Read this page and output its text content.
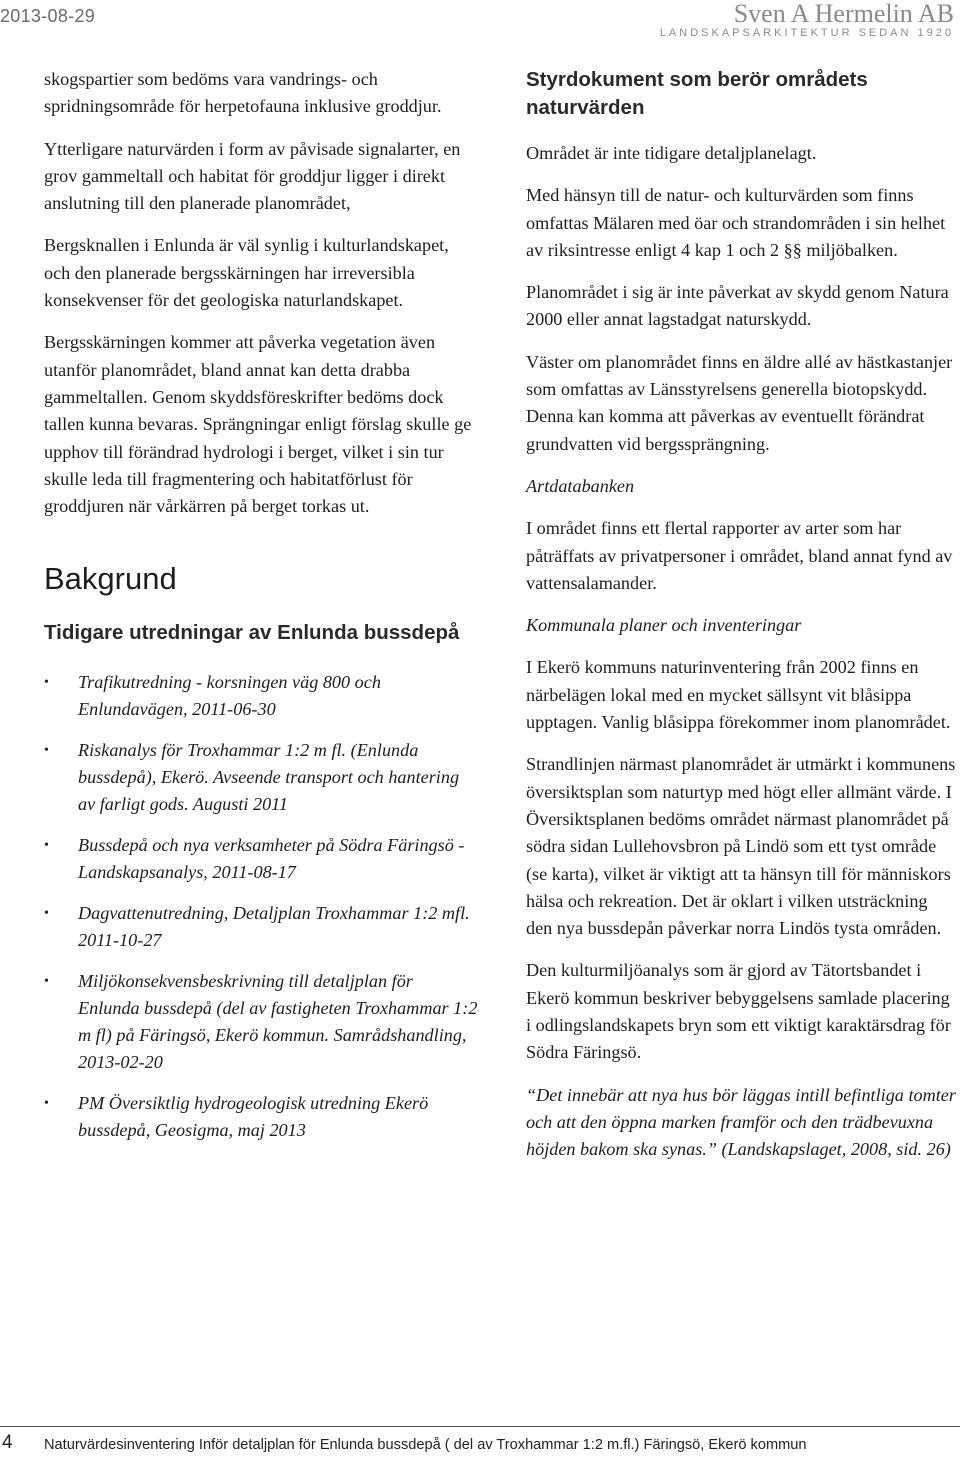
2013-08-29	Sven A Hermelin AB
LANDSKAPSARKITEKTUR SEDAN 1920

skogspartier som bedöms vara vandrings- och spridningsområde för herpetofauna inklusive groddjur.

Ytterligare naturvärden i form av påvisade signalarter, en grov gammeltall och habitat för groddjur ligger i direkt anslutning till den planerade planområdet,

Bergsknallen i Enlunda är väl synlig i kulturlandskapet, och den planerade bergsskärningen har irreversibla konsekvenser för det geologiska naturlandskapet.

Bergsskärningen kommer att påverka vegetation även utanför planområdet, bland annat kan detta drabba gammeltallen. Genom skyddsföreskrifter bedöms dock tallen kunna bevaras. Sprängningar enligt förslag skulle ge upphov till förändrad hydrologi i berget, vilket i sin tur skulle leda till fragmentering och habitatförlust för groddjuren när vårkärren på berget torkas ut.

Bakgrund
Tidigare utredningar av Enlunda bussdepå
• Trafikutredning - korsningen väg 800 och Enlundavägen, 2011-06-30
• Riskanalys för Troxhammar 1:2 m fl. (Enlunda bussdepå), Ekerö. Avseende transport och hantering av farligt gods. Augusti 2011
• Bussdepå och nya verksamheter på Södra Färingsö - Landskapsanalys, 2011-08-17
• Dagvattenutredning, Detaljplan Troxhammar 1:2 mfl. 2011-10-27
• Miljökonsekvensbeskrivning till detaljplan för Enlunda bussdepå (del av fastigheten Troxhammar 1:2 m fl) på Färingsö, Ekerö kommun. Samrådshandling, 2013-02-20
• PM Översiktlig hydrogeologisk utredning Ekerö bussdepå, Geosigma, maj 2013
Styrdokument som berör områdets naturvärden

Området är inte tidigare detaljplanelagt.

Med hänsyn till de natur- och kulturvärden som finns omfattas Mälaren med öar och strandområden i sin helhet av riksintresse enligt 4 kap 1 och 2 §§ miljöbalken.

Planområdet i sig är inte påverkat av skydd genom Natura 2000 eller annat lagstadgat naturskydd.

Väster om planområdet finns en äldre allé av hästkastanjer som omfattas av Länsstyrelsens generella biotopskydd. Denna kan komma att påverkas av eventuellt förändrat grundvatten vid bergssprängning.

Artdatabanken

I området finns ett flertal rapporter av arter som har påträffats av privatpersoner i området, bland annat fynd av vattensalamander.

Kommunala planer och inventeringar

I Ekerö kommuns naturinventering från 2002 finns en närbelägen lokal med en mycket sällsynt vit blåsippa upptagen. Vanlig blåsippa förekommer inom planområdet.

Strandlinjen närmast planområdet är utmärkt i kommunens översiktsplan som naturtyp med högt eller allmänt värde. I Översiktsplanen bedöms området närmast planområdet på södra sidan Lullehovsbron på Lindö som ett tyst område (se karta), vilket är viktigt att ta hänsyn till för människors hälsa och rekreation. Det är oklart i vilken utsträckning den nya bussdepån påverkar norra Lindös tysta områden.

Den kulturmiljöanalys som är gjord av Tätortsbandet i Ekerö kommun beskriver bebyggelsens samlade placering i odlingslandskapets bryn som ett viktigt karaktärsdrag för Södra Färingsö.

“Det innebär att nya hus bör läggas intill befintliga tomter och att den öppna marken framför och den trädbevuxna höjden bakom ska synas.” (Landskapslaget, 2008, sid. 26)

4 Naturvärdesinventering Inför detaljplan för Enlunda bussdepå ( del av Troxhammar 1:2 m.fl.) Färingsö, Ekerö kommun
